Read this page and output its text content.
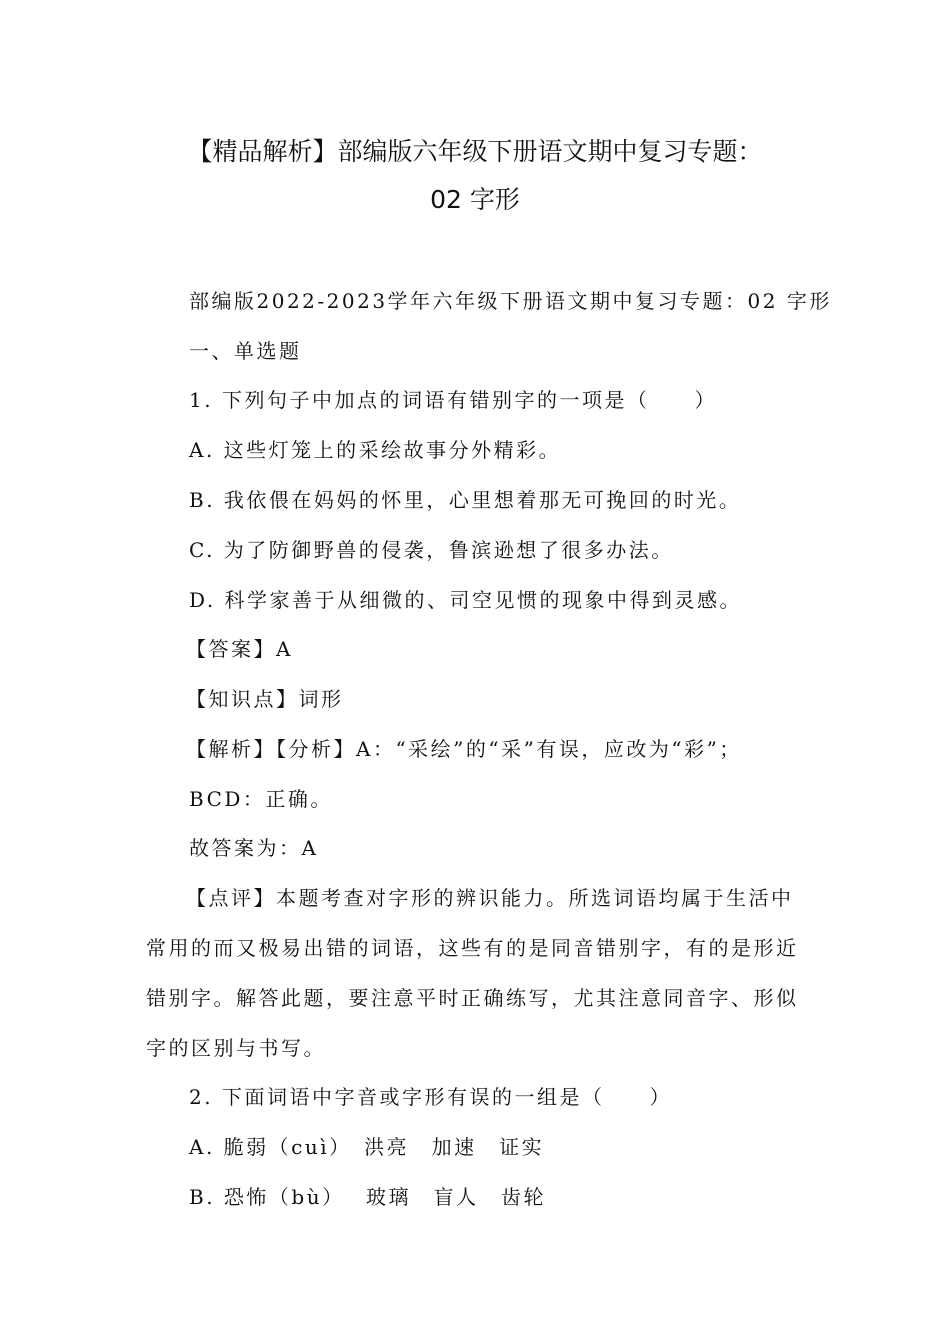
【精品解析】部编版六年级下册语文期中复习专题：
02 字形
部编版2022-2023学年六年级下册语文期中复习专题：02 字形
一、单选题
1. 下列句子中加点的词语有错别字的一项是（　　）
A. 这些灯笼上的采绘故事分外精彩。
B. 我依偎在妈妈的怀里，心里想着那无可挽回的时光。
C. 为了防御野兽的侵袭，鲁滨逊想了很多办法。
D. 科学家善于从细微的、司空见惯的现象中得到灵感。
【答案】A
【知识点】词形
【解析】【分析】A：“采绘”的“采”有误，应改为“彩”；
BCD：正确。
故答案为：A
【点评】本题考查对字形的辨识能力。所选词语均属于生活中
常用的而又极易出错的词语，这些有的是同音错别字，有的是形近
错别字。解答此题，要注意平时正确练写，尤其注意同音字、形似
字的区别与书写。
2. 下面词语中字音或字形有误的一组是（　　）
A. 脆弱（cuì）　洪亮　加速　证实
B. 恐怖（bù）　 玻璃　盲人　齿轮
